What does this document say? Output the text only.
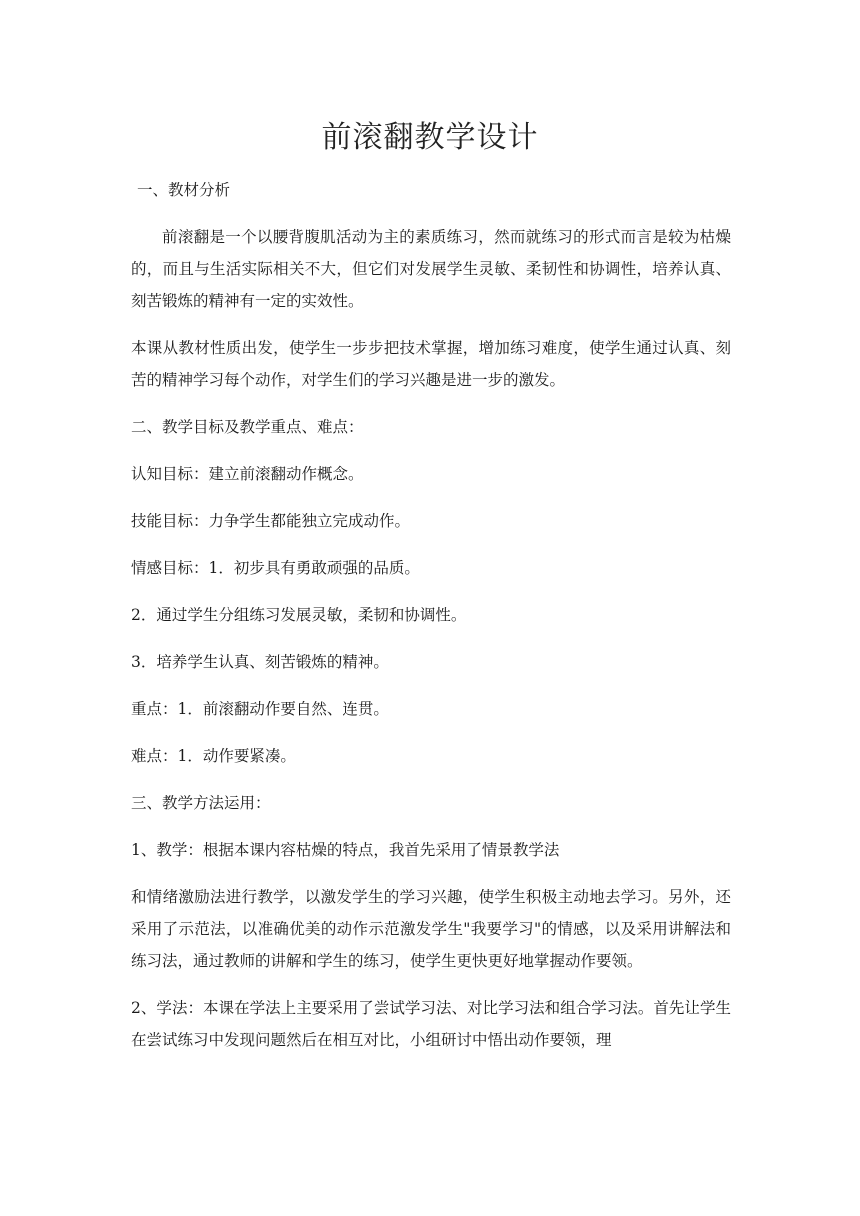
前滚翻教学设计

一、教材分析

前滚翻是一个以腰背腹肌活动为主的素质练习，然而就练习的形式而言是较为枯燥的，而且与生活实际相关不大，但它们对发展学生灵敏、柔韧性和协调性，培养认真、刻苦锻炼的精神有一定的实效性。

本课从教材性质出发，使学生一步步把技术掌握，增加练习难度，使学生通过认真、刻苦的精神学习每个动作，对学生们的学习兴趣是进一步的激发。

二、教学目标及教学重点、难点：

认知目标：建立前滚翻动作概念。

技能目标：力争学生都能独立完成动作。

情感目标：1．初步具有勇敢顽强的品质。

2．通过学生分组练习发展灵敏，柔韧和协调性。

3．培养学生认真、刻苦锻炼的精神。

重点：1．前滚翻动作要自然、连贯。

难点：1．动作要紧凑。

三、教学方法运用：

1、教学：根据本课内容枯燥的特点，我首先采用了情景教学法

和情绪激励法进行教学，以激发学生的学习兴趣，使学生积极主动地去学习。另外，还采用了示范法，以准确优美的动作示范激发学生"我要学习"的情感，以及采用讲解法和练习法，通过教师的讲解和学生的练习，使学生更快更好地掌握动作要领。

2、学法：本课在学法上主要采用了尝试学习法、对比学习法和组合学习法。首先让学生在尝试练习中发现问题然后在相互对比，小组研讨中悟出动作要领，理
